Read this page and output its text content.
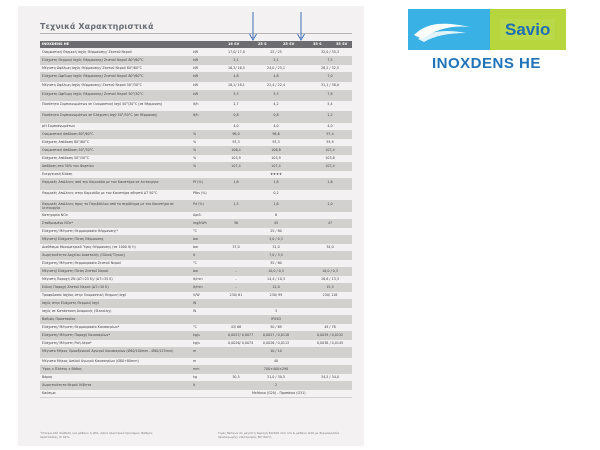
Τεχνικά Χαρακτηριστικά
INOXDENS HE	16 SV	25 S	25 SV	35 S	35 SV
Ονομαστική Θερμική Ισχύς Θέρμανσης/ Ζεστού Νερού	kW	17,0/ 17,0	25 / 25	32,0 / 35,3
Ελάχιστη Θερμική Ισχύς Θέρμανσης/ Ζεστού Νερού 80°/60°C	kW	5,1	5,1	7,5
Μέγιστη Ωφέλιμη Ισχύς Θέρμανσης/ Ζεστού Νερού 80°/60°C	kW	16,3/ 16,5	24,0 / 25,1	28,2 / 32,5
Ελάχιστη Ωφέλιμη Ισχύς Θέρμανσης/ Ζεστού Νερού 80°/60°C	kW	4,8	4,8	7,0
Μέγιστη Ωφέλιμη Ισχύς Θέρμανσης/ Ζεστού Νερού 50°/30°C	kW	18,1/ 18,1	22,4 / 22,4	31,1 / 38,0
Ελάχιστη Ωφέλιμη Ισχύς Θέρμανσης/ Ζεστού Νερού 50°/30°C	kW	5,3	5,3	7,8
Ποσότητα Συμπυκνωμάτων σε Ονομαστική Ισχύ 50°/30°C (σε θέρμανση)	lt/h	2,7	4,2	5,4
Ποσότητα Συμπυκνωμάτων σε Ελάχιστη Ισχύ 50°/30°C (σε θέρμανση)	lt/h	0,8	0,8	1,2
pH Συμπυκνωμάτων	4,0	4,0	4,0
Ονομαστική Απόδοση 80°/60°C	%	96,0	96,6	97,4
Ελάχιστη Απόδοση 80°/60°C	%	93,3	93,3	93,9
Ονομαστική Απόδοση 50°/30°C	%	106,4	106,8	107,4
Ελάχιστη Απόδοση 50°/30°C	%	103,9	103,9	103,8
Απόδοση στο 30% του Φορτίου	%	107,4	107,4	107,4
Ενεργειακή Κλάση	★★★★
Θερμικές Απώλειες από την Καμινάδα με τον Καυστήρα σε λειτουργία	Pf (%)	1,6	1,8	1,6
Θερμικές Απώλειες στην Καμινάδα με τον Καυστήρα σβηστό ΔT 50°C	Pfbs (%)	0,2
Θερμικές Απώλειες προς το Περιβάλλον από το περίβλημα με τον Καυστήρα σε λειτουργία
Pd (%)	1,5	1,6	1,0
Κατηγορία NOx	Αριθ.	6
Σταθμισμένο NOx*	mg/kWh	36	45	47
Ελάχιστη/ Μέγιστη Θερμοκρασία Θέρμανσης*	°C	25 / 80
Μέγιστη/ Ελάχιστη Πίεση Θέρμανσης	bar	3,0 / 0,3
Διαθέσιμο Μανομετρικό Ύψος Θέρμανσης (σε 1000 lt/ h)	bar	37,0	31,0	34,0
Χωρητικότητα Δοχείου Διαστολής (Οδικό/ Όγκος)	lt	7,0 / 3,5
Ελάχιστη/ Μέγιστη Θερμοκρασία Ζεστού Νερού	°C	35 / 60
Μέγιστη/ Ελάχιστη Πίεση Ζεστού Νερού	bar	–	10,0 / 0,3	10,0 / 0,3
Μέγιστη Παροχή ΖΝ (ΔT=25 K)/ (ΔT=35 K)	lt/min	–	14,4 / 10,3	18,6 / 13,3
Ειδική Παροχή Ζεστού Νερού (ΔT=30 K)	lt/min	–	12,0	15,5
Τροφοδοσία Ισχύος στην Ονομαστική Θερμική Ισχύ	V/W	230/ 61	230/ 99	230/ 118
Ισχύς στην Ελάχιστη Θερμική Ισχύ	W
Ισχύς σε Κατάσταση Αναμονής (Stand-by)	W	3
Βαθμός Προστασίας	IPX5D
Ελάχιστη/ Μέγιστη Θερμοκρασία Καυσαερίων*	°C	43/ 68	50 / 69	49 / 78
Ελάχιστη/ Μέγιστη Παροχή Καυσαερίων*	kg/s	0,0027/ 0,0077	0,0027 / 0,0118	0,0039 / 0,0152
Ελάχιστη/ Μέγιστη Ροή Αέρα*	kg/s	0,0026/ 0,0074	0,0026 / 0,0113	0,0038 / 0,0145
Μέγιστο Μήκος Ομοαξονικού Αγωγού Καυσαερίων (Ø60/100mm - Ø80/125mm)	m	10 / 10
Μέγιστο Μήκος Διπλού Αγωγού Καυσαερίων (Ø80+80mm)	m	40
Ύψος x Πλάτος x Βάθος	mm	700×400×290
Βάρος	kg	30,5	31,0 / 30,5	34,5 / 34,0
Χωρητικότητα Νερού Λέβητα	lt	2
Καύσιμο	Μεθάνιο (G20) - Προπάνιο (G31)
Ύστερα από διάθεση για μέθανο ή LPG. Αλλα ηλεκτρικά προνόμια. Βαθμός προστασίας IX 42%.
Τιμές θέσεων σε μέγιστη παροχή 60/100 mm 1m & μέθανο G20 με θερμοκρασία προσαγωγής/ επιστροφής 80°/60°C.
Savio
INOXDENS HE
